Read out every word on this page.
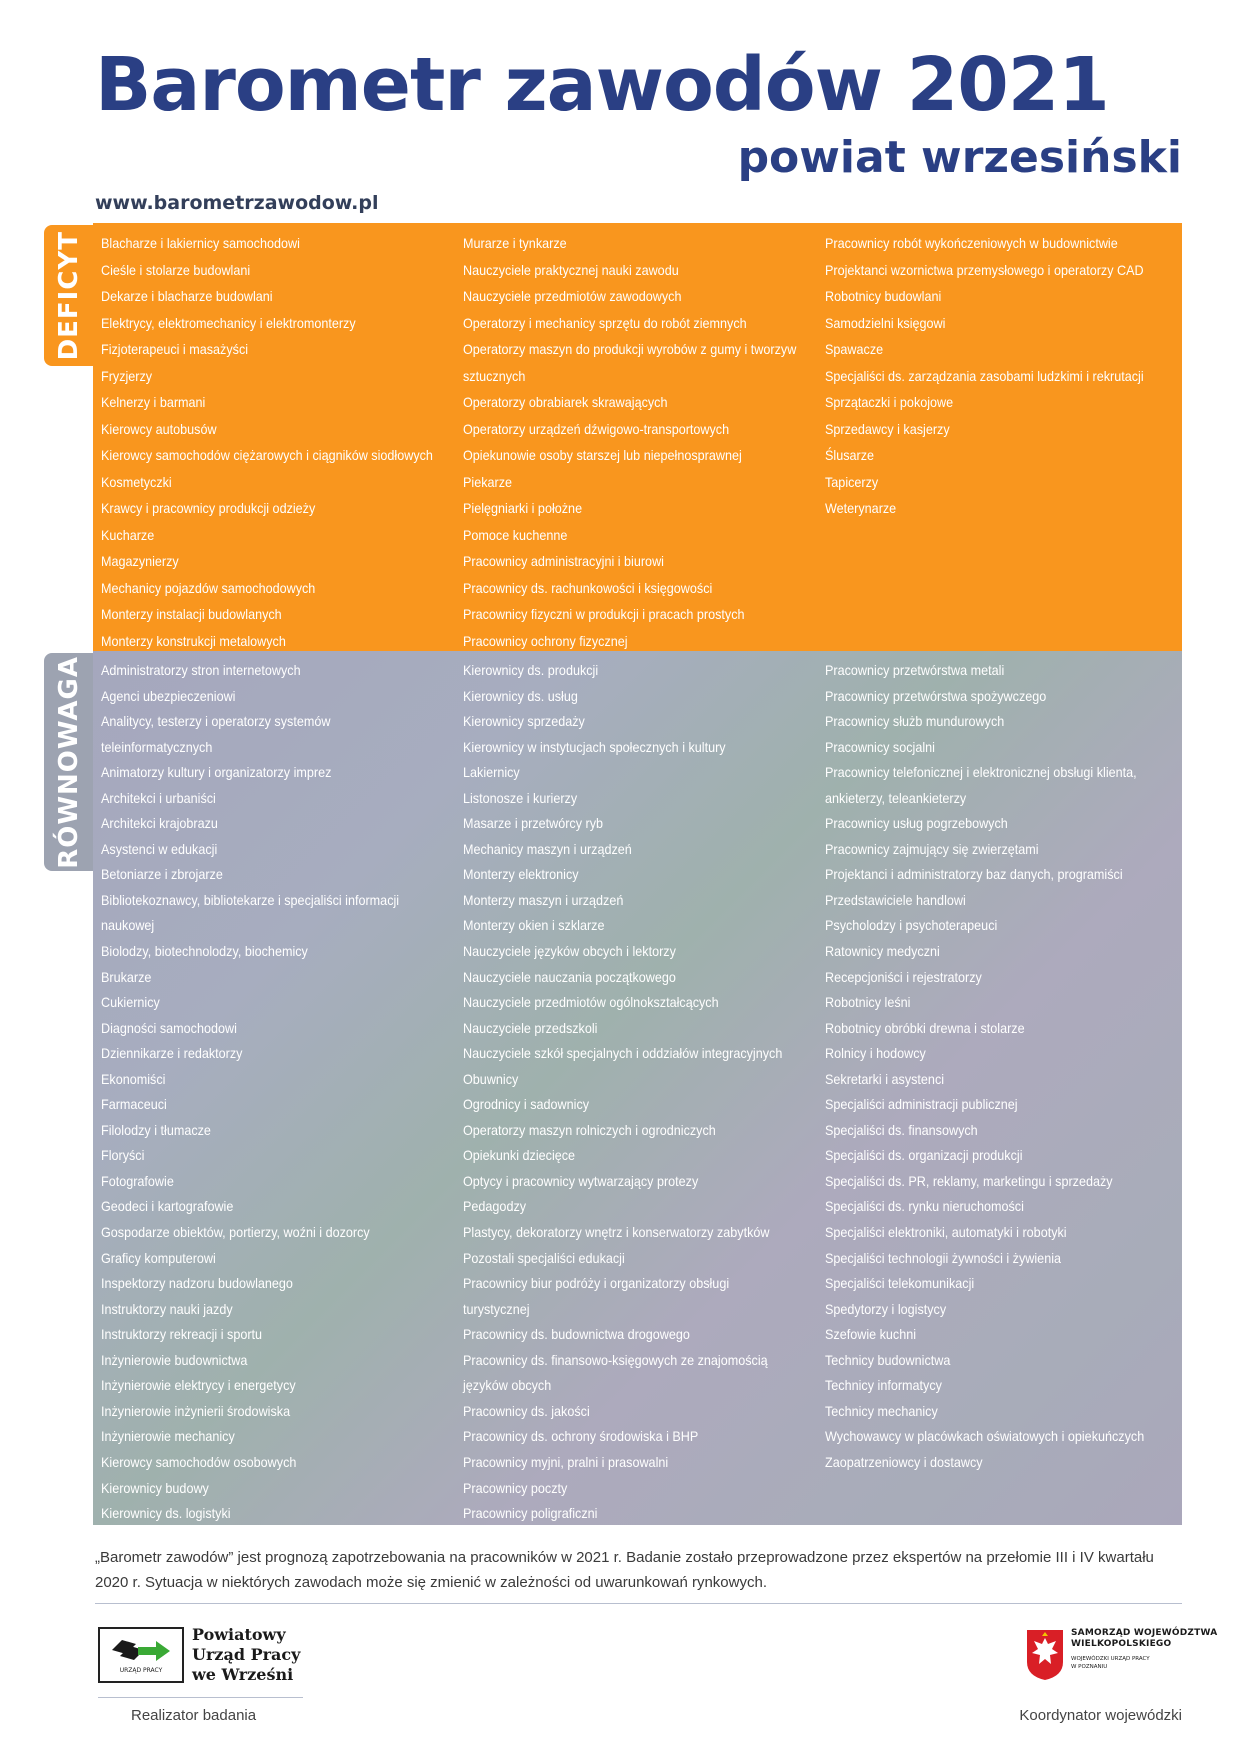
Barometr zawodów 2021
powiat wrzesiński
www.barometrzawodow.pl
DEFICYT Blacharze i lakiernicy samochodowi
Cieśle i stolarze budowlani
Dekarze i blacharze budowlani
Elektrycy, elektromechanicy i elektromonterzy
Fizjoterapeuci i masażyści
Fryzjerzy
Kelnerzy i barmani
Kierowcy autobusów
Kierowcy samochodów ciężarowych i ciągników siodłowych
Kosmetyczki
Krawcy i pracownicy produkcji odzieży
Kucharze
Magazynierzy
Mechanicy pojazdów samochodowych
Monterzy instalacji budowlanych
Monterzy konstrukcji metalowych
Murarze i tynkarze
Nauczyciele praktycznej nauki zawodu
Nauczyciele przedmiotów zawodowych
Operatorzy i mechanicy sprzętu do robót ziemnych
Operatorzy maszyn do produkcji wyrobów z gumy i tworzyw
sztucznych
Operatorzy obrabiarek skrawających
Operatorzy urządzeń dźwigowo-transportowych
Opiekunowie osoby starszej lub niepełnosprawnej
Piekarze
Pielęgniarki i położne
Pomoce kuchenne
Pracownicy administracyjni i biurowi
Pracownicy ds. rachunkowości i księgowości
Pracownicy fizyczni w produkcji i pracach prostych
Pracownicy ochrony fizycznej
Pracownicy robót wykończeniowych w budownictwie
Projektanci wzornictwa przemysłowego i operatorzy CAD
Robotnicy budowlani
Samodzielni księgowi
Spawacze
Specjaliści ds. zarządzania zasobami ludzkimi i rekrutacji
Sprzątaczki i pokojowe
Sprzedawcy i kasjerzy
Ślusarze
Tapicerzy
Weterynarze
RÓWNOWAGA Administratorzy stron internetowych
Agenci ubezpieczeniowi
Analitycy, testerzy i operatorzy systemów
teleinformatycznych
Animatorzy kultury i organizatorzy imprez
Architekci i urbaniści
Architekci krajobrazu
Asystenci w edukacji
Betoniarze i zbrojarze
Bibliotekoznawcy, bibliotekarze i specjaliści informacji
naukowej
Biolodzy, biotechnolodzy, biochemicy
Brukarze
Cukiernicy
Diagności samochodowi
Dziennikarze i redaktorzy
Ekonomiści
Farmaceuci
Filolodzy i tłumacze
Floryści
Fotografowie
Geodeci i kartografowie
Gospodarze obiektów, portierzy, woźni i dozorcy
Graficy komputerowi
Inspektorzy nadzoru budowlanego
Instruktorzy nauki jazdy
Instruktorzy rekreacji i sportu
Inżynierowie budownictwa
Inżynierowie elektrycy i energetycy
Inżynierowie inżynierii środowiska
Inżynierowie mechanicy
Kierowcy samochodów osobowych
Kierownicy budowy
Kierownicy ds. logistyki
Kierownicy ds. produkcji
Kierownicy ds. usług
Kierownicy sprzedaży
Kierownicy w instytucjach społecznych i kultury
Lakiernicy
Listonosze i kurierzy
Masarze i przetwórcy ryb
Mechanicy maszyn i urządzeń
Monterzy elektronicy
Monterzy maszyn i urządzeń
Monterzy okien i szklarze
Nauczyciele języków obcych i lektorzy
Nauczyciele nauczania początkowego
Nauczyciele przedmiotów ogólnokształcących
Nauczyciele przedszkoli
Nauczyciele szkół specjalnych i oddziałów integracyjnych
Obuwnicy
Ogrodnicy i sadownicy
Operatorzy maszyn rolniczych i ogrodniczych
Opiekunki dziecięce
Optycy i pracownicy wytwarzający protezy
Pedagodzy
Plastycy, dekoratorzy wnętrz i konserwatorzy zabytków
Pozostali specjaliści edukacji
Pracownicy biur podróży i organizatorzy obsługi
turystycznej
Pracownicy ds. budownictwa drogowego
Pracownicy ds. finansowo-księgowych ze znajomością
języków obcych
Pracownicy ds. jakości
Pracownicy ds. ochrony środowiska i BHP
Pracownicy myjni, pralni i prasowalni
Pracownicy poczty
Pracownicy poligraficzni
Pracownicy przetwórstwa metali
Pracownicy przetwórstwa spożywczego
Pracownicy służb mundurowych
Pracownicy socjalni
Pracownicy telefonicznej i elektronicznej obsługi klienta,
ankieterzy, teleankieterzy
Pracownicy usług pogrzebowych
Pracownicy zajmujący się zwierzętami
Projektanci i administratorzy baz danych, programiści
Przedstawiciele handlowi
Psycholodzy i psychoterapeuci
Ratownicy medyczni
Recepcjoniści i rejestratorzy
Robotnicy leśni
Robotnicy obróbki drewna i stolarze
Rolnicy i hodowcy
Sekretarki i asystenci
Specjaliści administracji publicznej
Specjaliści ds. finansowych
Specjaliści ds. organizacji produkcji
Specjaliści ds. PR, reklamy, marketingu i sprzedaży
Specjaliści ds. rynku nieruchomości
Specjaliści elektroniki, automatyki i robotyki
Specjaliści technologii żywności i żywienia
Specjaliści telekomunikacji
Spedytorzy i logistycy
Szefowie kuchni
Technicy budownictwa
Technicy informatycy
Technicy mechanicy
Wychowawcy w placówkach oświatowych i opiekuńczych
Zaopatrzeniowcy i dostawcy

„Barometr zawodów” jest prognozą zapotrzebowania na pracowników w 2021 r. Badanie zostało przeprowadzone przez ekspertów na przełomie III i IV kwartału 2020 r. Sytuacja w niektórych zawodach może się zmienić w zależności od uwarunkowań rynkowych.

URZĄD PRACY
Powiatowy
Urząd Pracy
we Wrześni
Realizator badania
SAMORZĄD WOJEWÓDZTWA
WIELKOPOLSKIEGO
WOJEWÓDZKI URZĄD PRACY
W POZNANIU
Koordynator wojewódzki
